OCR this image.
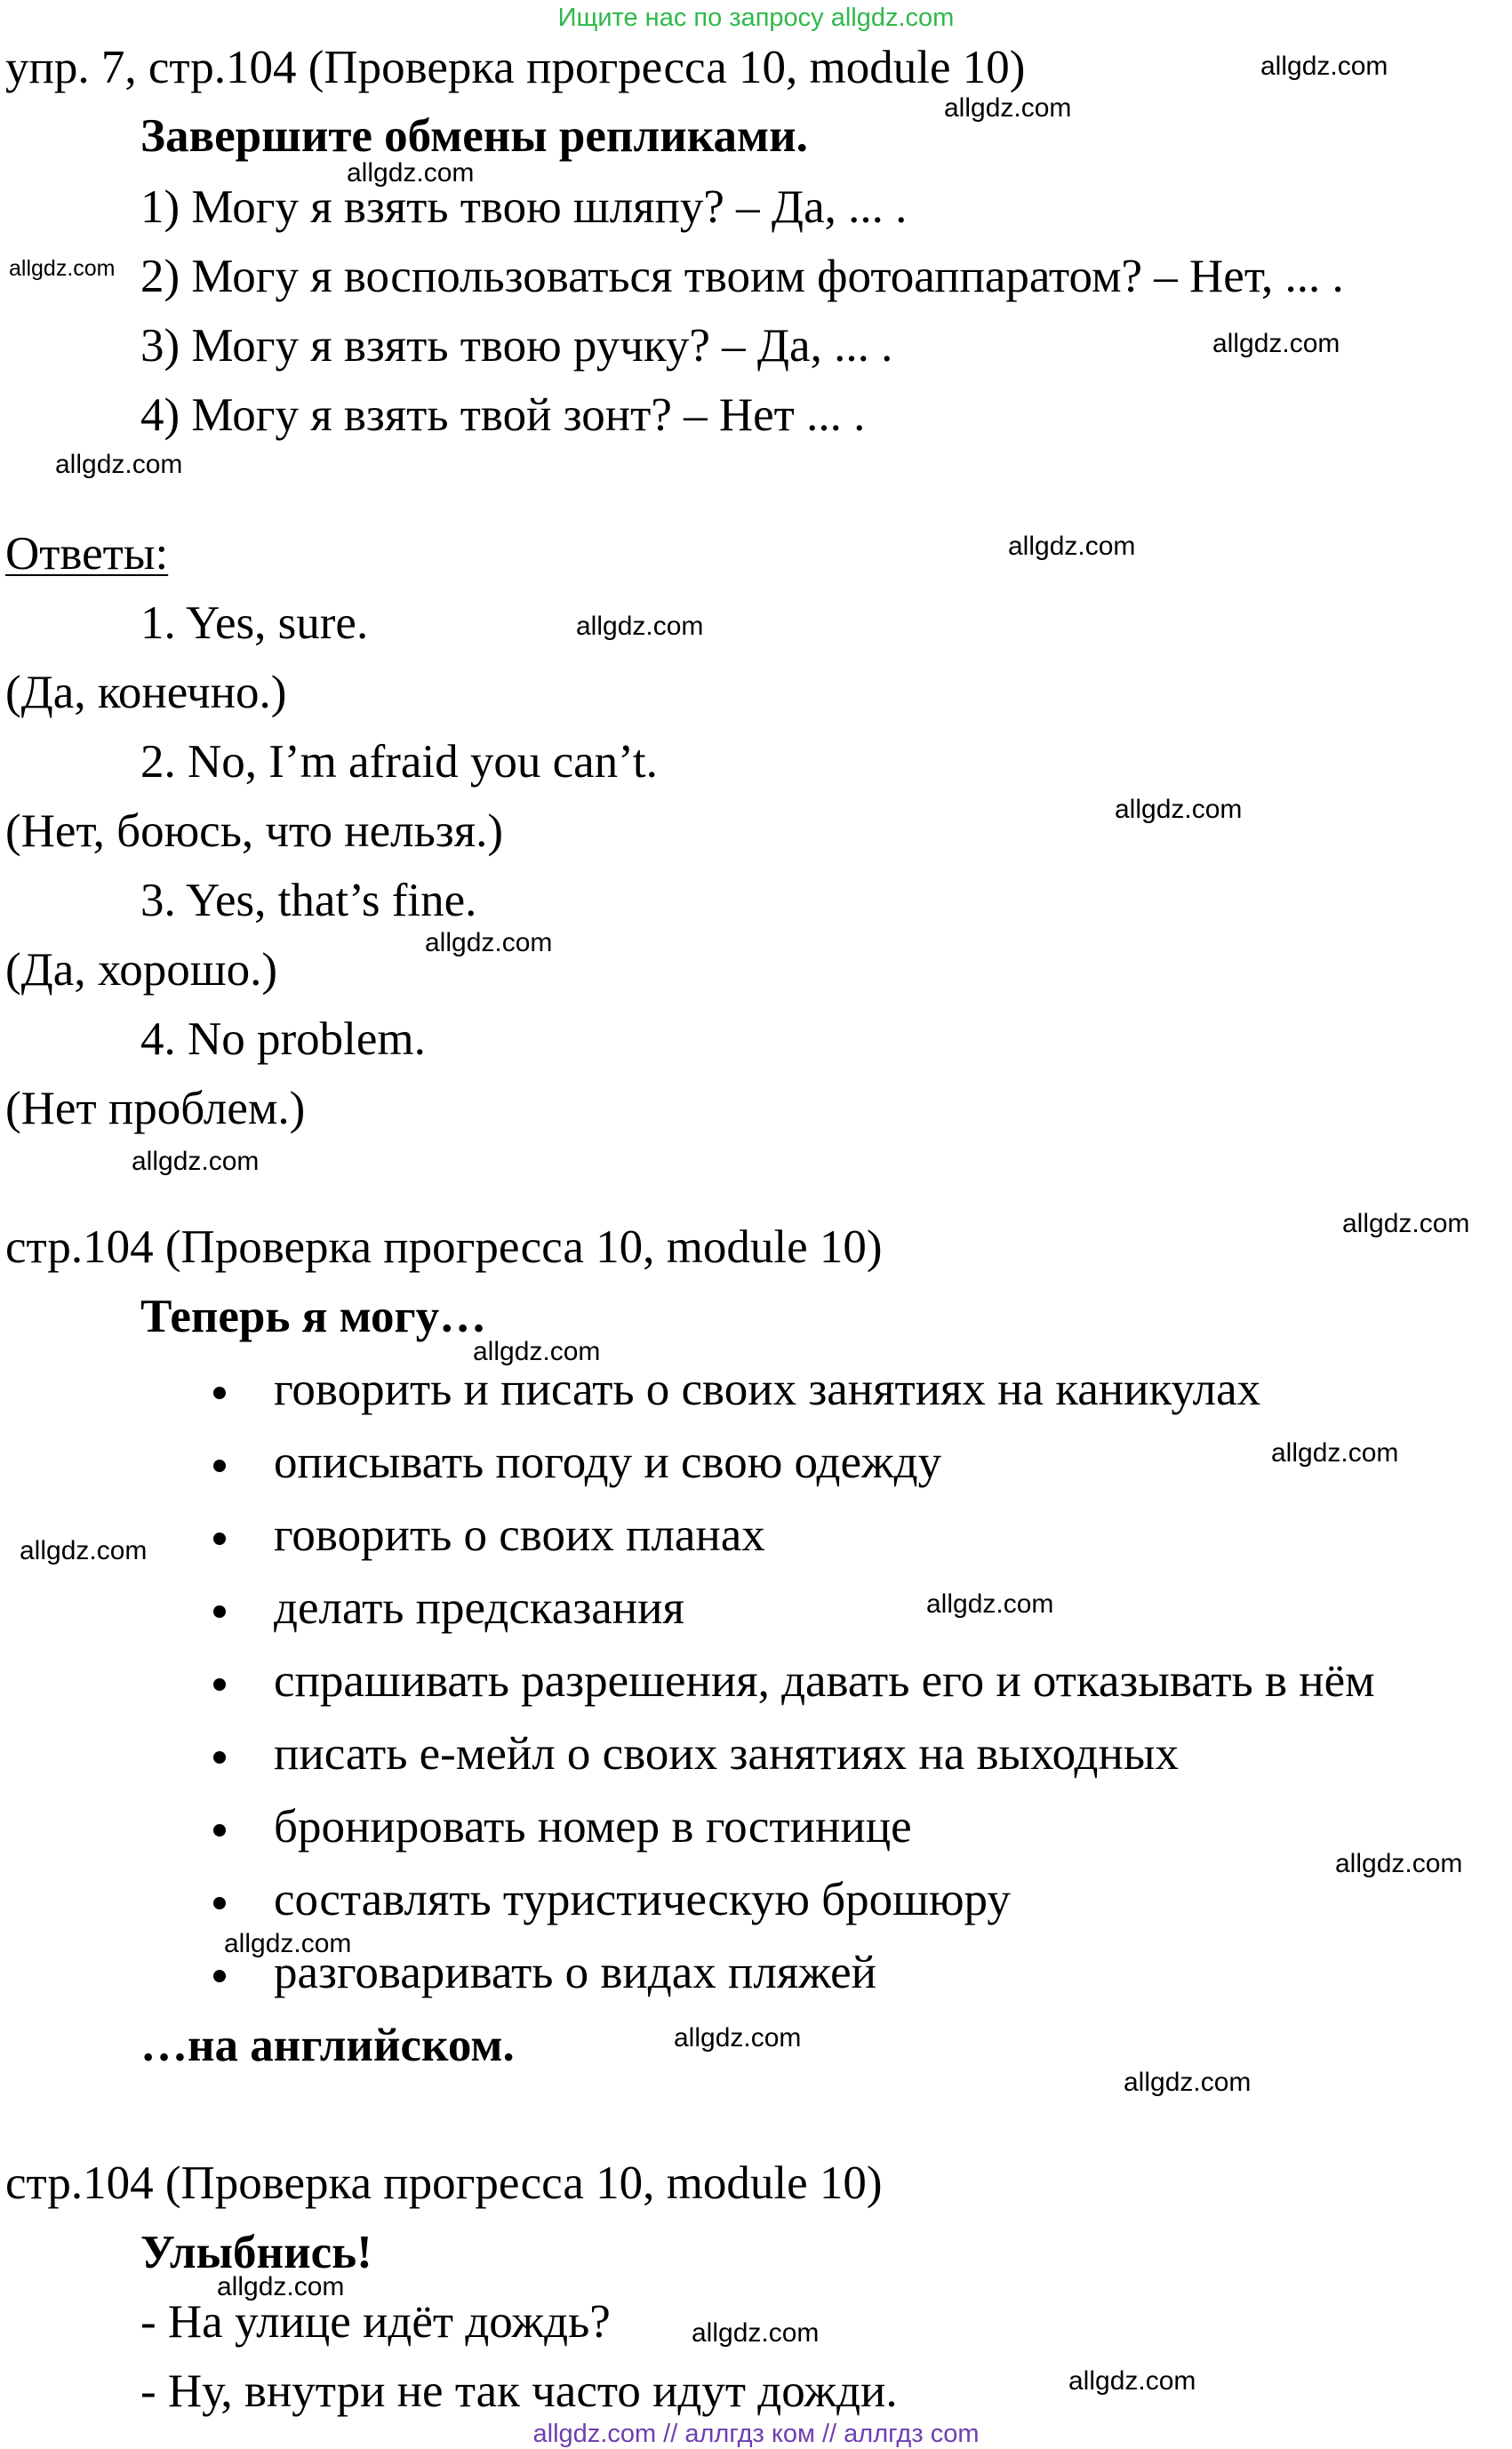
Ищите нас по запросу allgdz.com
упр. 7, стр.104 (Проверка прогресса 10, module 10)
Завершите обмены репликами.
1) Могу я взять твою шляпу? – Да, ... .
2) Могу я воспользоваться твоим фотоаппаратом? – Нет, ... .
3) Могу я взять твою ручку? – Да, ... .
4) Могу я взять твой зонт? – Нет ... .
Ответы:
1. Yes, sure.
(Да, конечно.)
2. No, I’m afraid you can’t.
(Нет, боюсь, что нельзя.)
3. Yes, that’s fine.
(Да, хорошо.)
4. No problem.
(Нет проблем.)
стр.104 (Проверка прогресса 10, module 10)
Теперь я могу…
говорить и писать о своих занятиях на каникулах
описывать погоду и свою одежду
говорить о своих планах
делать предсказания
спрашивать разрешения, давать его и отказывать в нём
писать е-мейл о своих занятиях на выходных
бронировать номер в гостинице
составлять туристическую брошюру
разговаривать о видах пляжей
…на английском.
стр.104 (Проверка прогресса 10, module 10)
Улыбнись!
- На улице идёт дождь?
- Ну, внутри не так часто идут дожди.
allgdz.com
allgdz.com
allgdz.com
allgdz.com
allgdz.com
allgdz.com
allgdz.com
allgdz.com
allgdz.com
allgdz.com
allgdz.com
allgdz.com
allgdz.com
allgdz.com
allgdz.com
allgdz.com
allgdz.com
allgdz.com
allgdz.com
allgdz.com
allgdz.com
allgdz.com
allgdz.com
allgdz.com // аллгдз ком // аллгдз com
